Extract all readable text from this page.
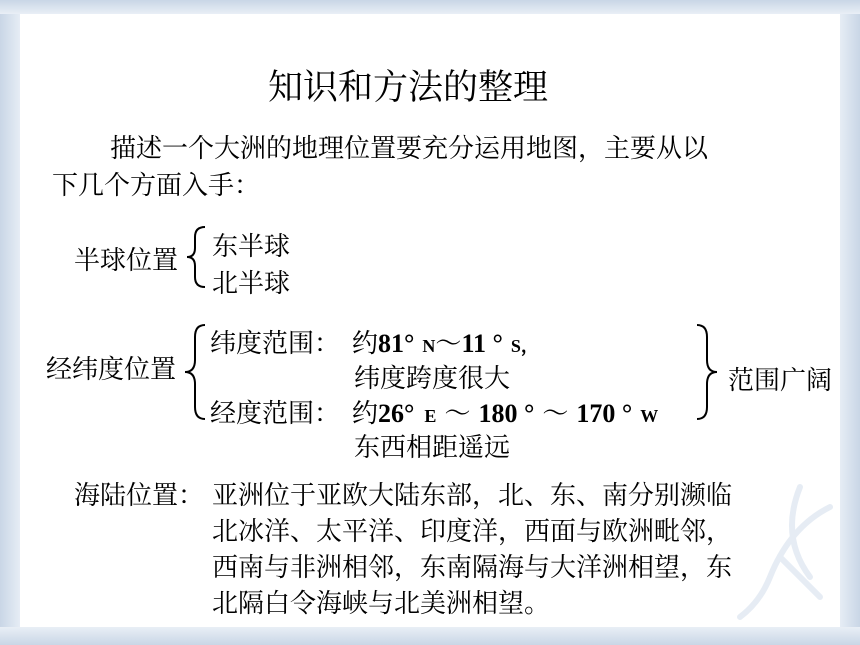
知识和方法的整理
描述一个大洲的地理位置要充分运用地图，主要从以
下几个方面入手：
半球位置 东半球
北半球
经纬度位置
纬度范围： 约81° N～11 ° S，
纬度跨度很大
经度范围： 约26° E ～ 180 ° ～ 170 ° W
东西相距遥远
范围广阔
海陆位置： 亚洲位于亚欧大陆东部，北、东、南分别濒临
北冰洋、太平洋、印度洋，西面与欧洲毗邻，
西南与非洲相邻，东南隔海与大洋洲相望，东
北隔白令海峡与北美洲相望。
